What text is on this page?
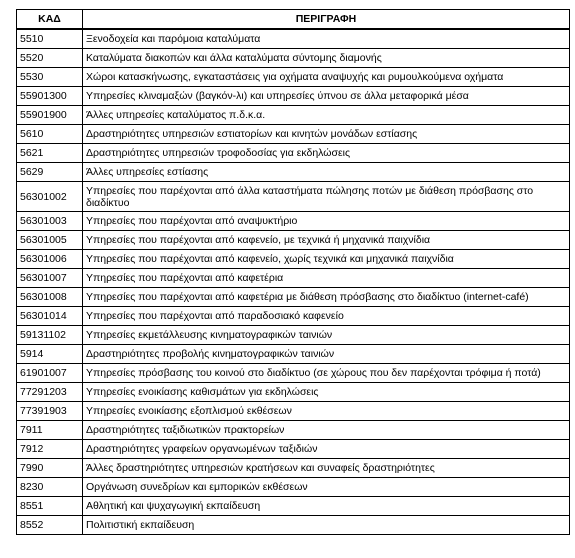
ΚΑΔ	ΠΕΡΙΓΡΑΦΗ
5510	Ξενοδοχεία και παρόμοια καταλύματα
5520	Καταλύματα διακοπών και άλλα καταλύματα σύντομης διαμονής
5530	Χώροι κατασκήνωσης, εγκαταστάσεις για οχήματα αναψυχής και ρυμουλκούμενα οχήματα
55901300	Υπηρεσίες κλιναμαξών (βαγκόν-λι) και υπηρεσίες ύπνου σε άλλα μεταφορικά μέσα
55901900	Άλλες υπηρεσίες καταλύματος π.δ.κ.α.
5610	Δραστηριότητες υπηρεσιών εστιατορίων και κινητών μονάδων εστίασης
5621	Δραστηριότητες υπηρεσιών τροφοδοσίας για εκδηλώσεις
5629	Άλλες υπηρεσίες εστίασης
56301002	Υπηρεσίες που παρέχονται από άλλα καταστήματα πώλησης ποτών με διάθεση πρόσβασης στο διαδίκτυο
56301003	Υπηρεσίες που παρέχονται από αναψυκτήριο
56301005	Υπηρεσίες που παρέχονται από καφενείο, με τεχνικά ή μηχανικά παιχνίδια
56301006	Υπηρεσίες που παρέχονται από καφενείο, χωρίς τεχνικά και μηχανικά παιχνίδια
56301007	Υπηρεσίες που παρέχονται από καφετέρια
56301008	Υπηρεσίες που παρέχονται από καφετέρια με διάθεση πρόσβασης στο διαδίκτυο (internet-café)
56301014	Υπηρεσίες που παρέχονται από παραδοσιακό καφενείο
59131102	Υπηρεσίες εκμετάλλευσης κινηματογραφικών ταινιών
5914	Δραστηριότητες προβολής κινηματογραφικών ταινιών
61901007	Υπηρεσίες πρόσβασης του κοινού στο διαδίκτυο (σε χώρους που δεν παρέχονται τρόφιμα ή ποτά)
77291203	Υπηρεσίες ενοικίασης καθισμάτων για εκδηλώσεις
77391903	Υπηρεσίες ενοικίασης εξοπλισμού εκθέσεων
7911	Δραστηριότητες ταξιδιωτικών πρακτορείων
7912	Δραστηριότητες γραφείων οργανωμένων ταξιδιών
7990	Άλλες δραστηριότητες υπηρεσιών κρατήσεων και συναφείς δραστηριότητες
8230	Οργάνωση συνεδρίων και εμπορικών εκθέσεων
8551	Αθλητική και ψυχαγωγική εκπαίδευση
8552	Πολιτιστική εκπαίδευση
